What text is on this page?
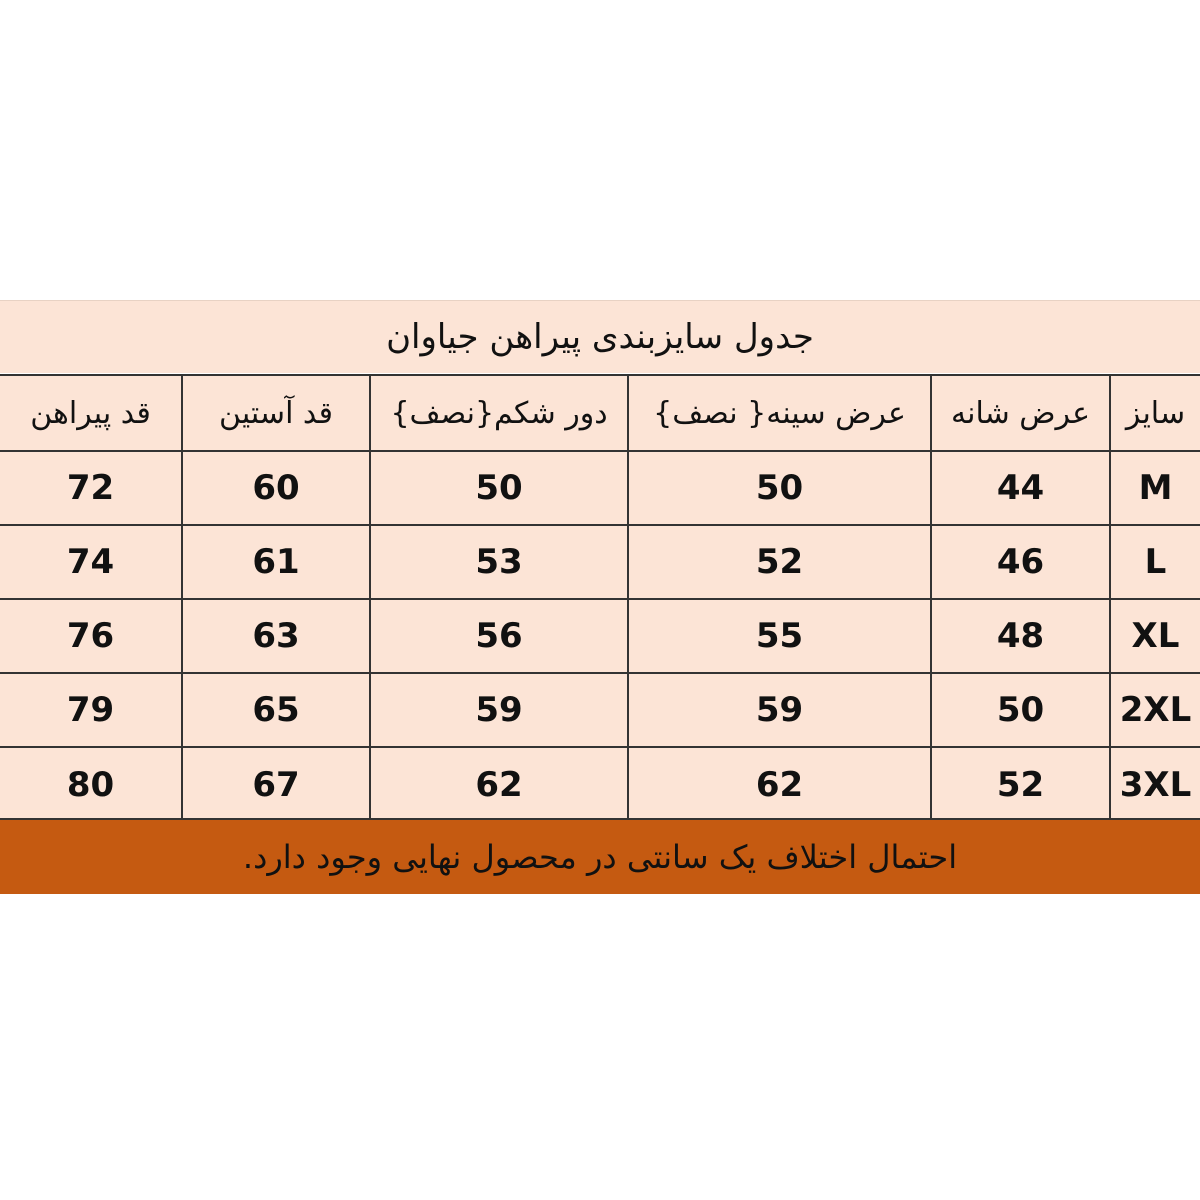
جدول سایزبندی پیراهن جیاوان
قد پیراهن	قد آستین	دور شکم{نصف}	عرض سینه{ نصف}	عرض شانه	سایز
72	60	50	50	44	M
74	61	53	52	46	L
76	63	56	55	48	XL
79	65	59	59	50	2XL
80	67	62	62	52	3XL
احتمال اختلاف یک سانتی در محصول نهایی وجود دارد.
